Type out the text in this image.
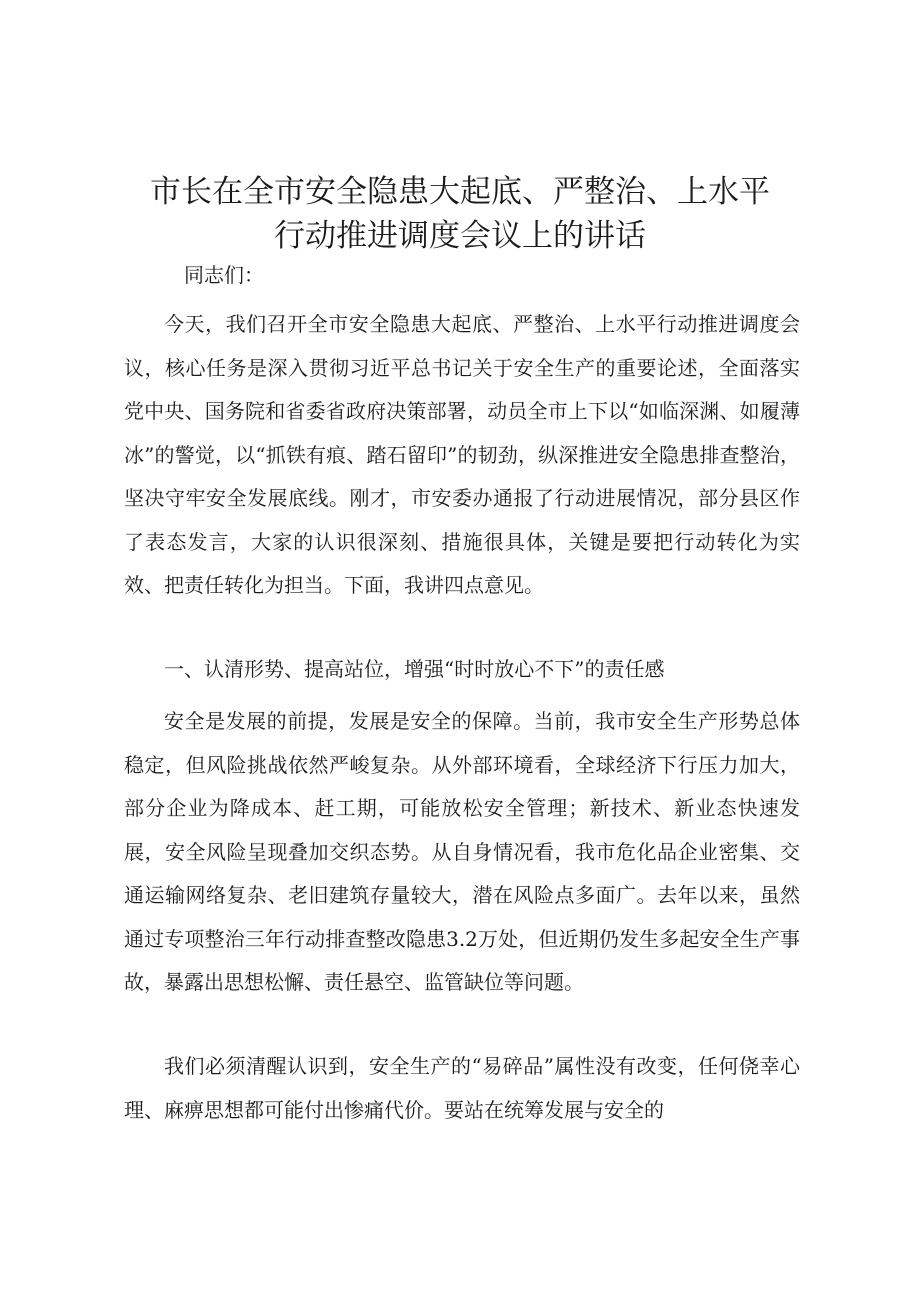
市长在全市安全隐患大起底、严整治、上水平
行动推进调度会议上的讲话

同志们：

今天，我们召开全市安全隐患大起底、严整治、上水平行动推进调度会议，核心任务是深入贯彻习近平总书记关于安全生产的重要论述，全面落实党中央、国务院和省委省政府决策部署，动员全市上下以“如临深渊、如履薄冰”的警觉，以“抓铁有痕、踏石留印”的韧劲，纵深推进安全隐患排查整治，坚决守牢安全发展底线。刚才，市安委办通报了行动进展情况，部分县区作了表态发言，大家的认识很深刻、措施很具体，关键是要把行动转化为实效、把责任转化为担当。下面，我讲四点意见。

一、认清形势、提高站位，增强“时时放心不下”的责任感

安全是发展的前提，发展是安全的保障。当前，我市安全生产形势总体稳定，但风险挑战依然严峻复杂。从外部环境看，全球经济下行压力加大，部分企业为降成本、赶工期，可能放松安全管理；新技术、新业态快速发展，安全风险呈现叠加交织态势。从自身情况看，我市危化品企业密集、交通运输网络复杂、老旧建筑存量较大，潜在风险点多面广。去年以来，虽然通过专项整治三年行动排查整改隐患3.2万处，但近期仍发生多起安全生产事故，暴露出思想松懈、责任悬空、监管缺位等问题。

我们必须清醒认识到，安全生产的“易碎品”属性没有改变，任何侥幸心理、麻痹思想都可能付出惨痛代价。要站在统筹发展与安全的
